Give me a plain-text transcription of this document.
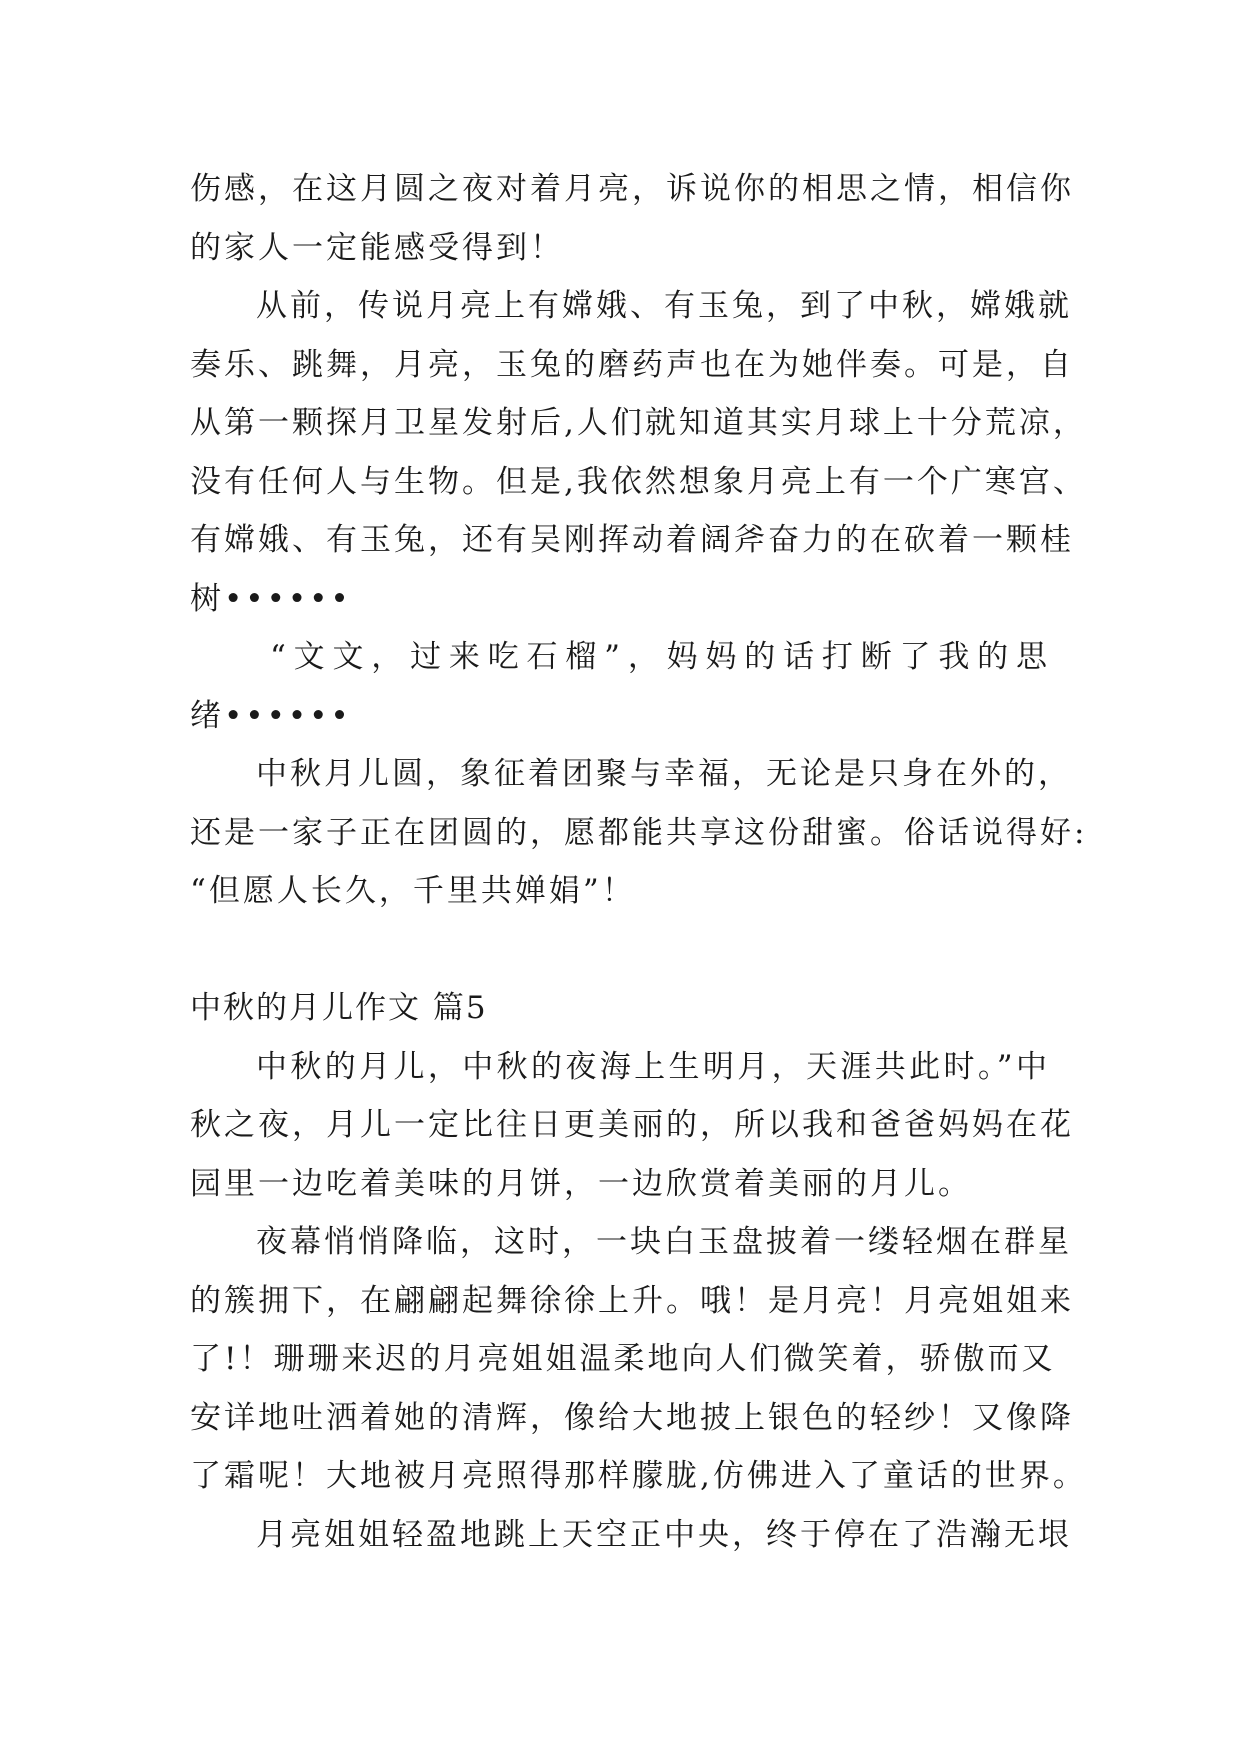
伤感，在这月圆之夜对着月亮，诉说你的相思之情，相信你
的家人一定能感受得到！
从前，传说月亮上有嫦娥、有玉兔，到了中秋，嫦娥就
奏乐、跳舞，月亮，玉兔的磨药声也在为她伴奏。可是，自
从第一颗探月卫星发射后,人们就知道其实月球上十分荒凉，
没有任何人与生物。但是,我依然想象月亮上有一个广寒宫、
有嫦娥、有玉兔，还有吴刚挥动着阔斧奋力的在砍着一颗桂
树••••••
“文文，过来吃石榴”，妈妈的话打断了我的思
绪••••••
中秋月儿圆，象征着团聚与幸福，无论是只身在外的，
还是一家子正在团圆的，愿都能共享这份甜蜜。俗话说得好:
“但愿人长久，千里共婵娟”！
中秋的月儿作文 篇5
中秋的月儿，中秋的夜海上生明月，天涯共此时。”中
秋之夜，月儿一定比往日更美丽的，所以我和爸爸妈妈在花
园里一边吃着美味的月饼，一边欣赏着美丽的月儿。
夜幕悄悄降临，这时，一块白玉盘披着一缕轻烟在群星
的簇拥下，在翩翩起舞徐徐上升。哦！是月亮！月亮姐姐来
了!！珊珊来迟的月亮姐姐温柔地向人们微笑着，骄傲而又
安详地吐洒着她的清辉，像给大地披上银色的轻纱！又像降
了霜呢！大地被月亮照得那样朦胧,仿佛进入了童话的世界。
月亮姐姐轻盈地跳上天空正中央，终于停在了浩瀚无垠
